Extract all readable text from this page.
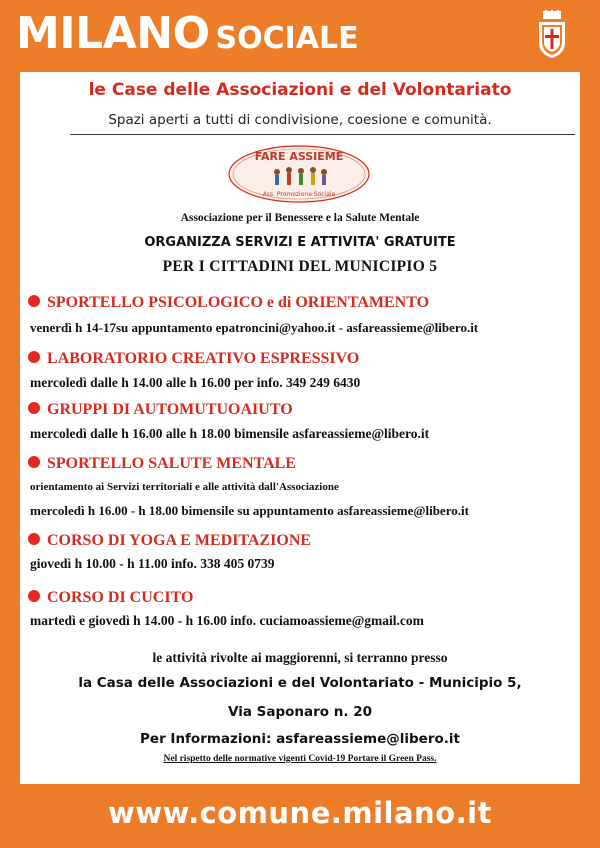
MILANO SOCIALE
le Case delle Associazioni e del Volontariato
Spazi aperti a tutti di condivisione, coesione e comunità.
FARE ASSIEME
Ass. Promozione Sociale
Associazione per il Benessere e la Salute Mentale
ORGANIZZA SERVIZI E ATTIVITA' GRATUITE
PER I CITTADINI DEL MUNICIPIO 5
SPORTELLO PSICOLOGICO e di ORIENTAMENTO
venerdì h 14-17su appuntamento epatroncini@yahoo.it - asfareassieme@libero.it
LABORATORIO CREATIVO ESPRESSIVO
mercoledì dalle h 14.00 alle h 16.00 per info. 349 249 6430
GRUPPI DI AUTOMUTUOAIUTO
mercoledì dalle h 16.00 alle h 18.00 bimensile asfareassieme@libero.it
SPORTELLO SALUTE MENTALE
orientamento ai Servizi territoriali e alle attività dall'Associazione
mercoledì h 16.00 - h 18.00 bimensile su appuntamento asfareassieme@libero.it
CORSO DI YOGA E MEDITAZIONE
giovedì h 10.00 - h 11.00 info. 338 405 0739
CORSO DI CUCITO
martedì e giovedì h 14.00 - h 16.00 info. cuciamoassieme@gmail.com
le attività rivolte ai maggiorenni, si terranno presso
la Casa delle Associazioni e del Volontariato - Municipio 5,
Via Saponaro n. 20
Per Informazioni: asfareassieme@libero.it
Nel rispetto delle normative vigenti Covid-19 Portare il Green Pass.
www.comune.milano.it
